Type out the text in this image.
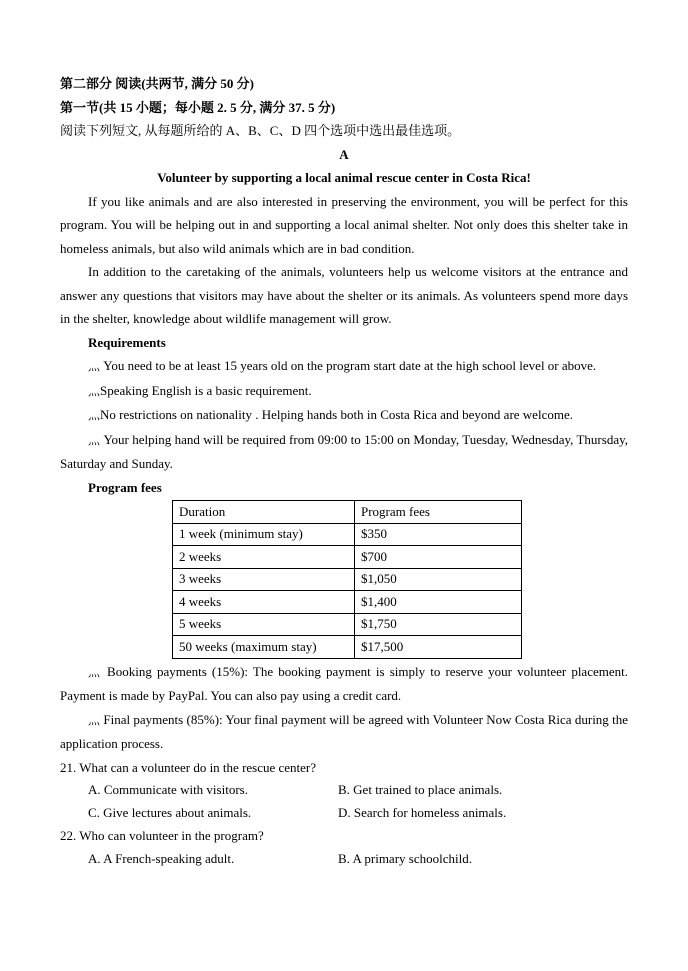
第二部分 阅读(共两节, 满分 50 分)
第一节(共 15 小题；每小题 2. 5 分, 满分 37. 5 分)
阅读下列短文, 从每题所给的 A、B、C、D 四个选项中选出最佳选项。
A
Volunteer by supporting a local animal rescue center in Costa Rica!
If you like animals and are also interested in preserving the environment, you will be perfect for this program. You will be helping out in and supporting a local animal shelter. Not only does this shelter take in homeless animals, but also wild animals which are in bad condition.
In addition to the caretaking of the animals, volunteers help us welcome visitors at the entrance and answer any questions that visitors may have about the shelter or its animals. As volunteers spend more days in the shelter, knowledge about wildlife management will grow.
Requirements
灬 You need to be at least 15 years old on the program start date at the high school level or above.
灬Speaking English is a basic requirement.
灬No restrictions on nationality . Helping hands both in Costa Rica and beyond are welcome.
灬 Your helping hand will be required from 09:00 to 15:00 on Monday, Tuesday, Wednesday, Thursday, Saturday and Sunday.
Program fees
Duration	Program fees
1 week (minimum stay)	$350
2 weeks	$700
3 weeks	$1,050
4 weeks	$1,400
5 weeks	$1,750
50 weeks (maximum stay)	$17,500
灬 Booking payments (15%): The booking payment is simply to reserve your volunteer placement. Payment is made by PayPal. You can also pay using a credit card.
灬 Final payments (85%): Your final payment will be agreed with Volunteer Now Costa Rica during the application process.
21. What can a volunteer do in the rescue center?
A. Communicate with visitors.	B. Get trained to place animals.
C. Give lectures about animals.	D. Search for homeless animals.
22. Who can volunteer in the program?
A. A French-speaking adult.	B. A primary schoolchild.
